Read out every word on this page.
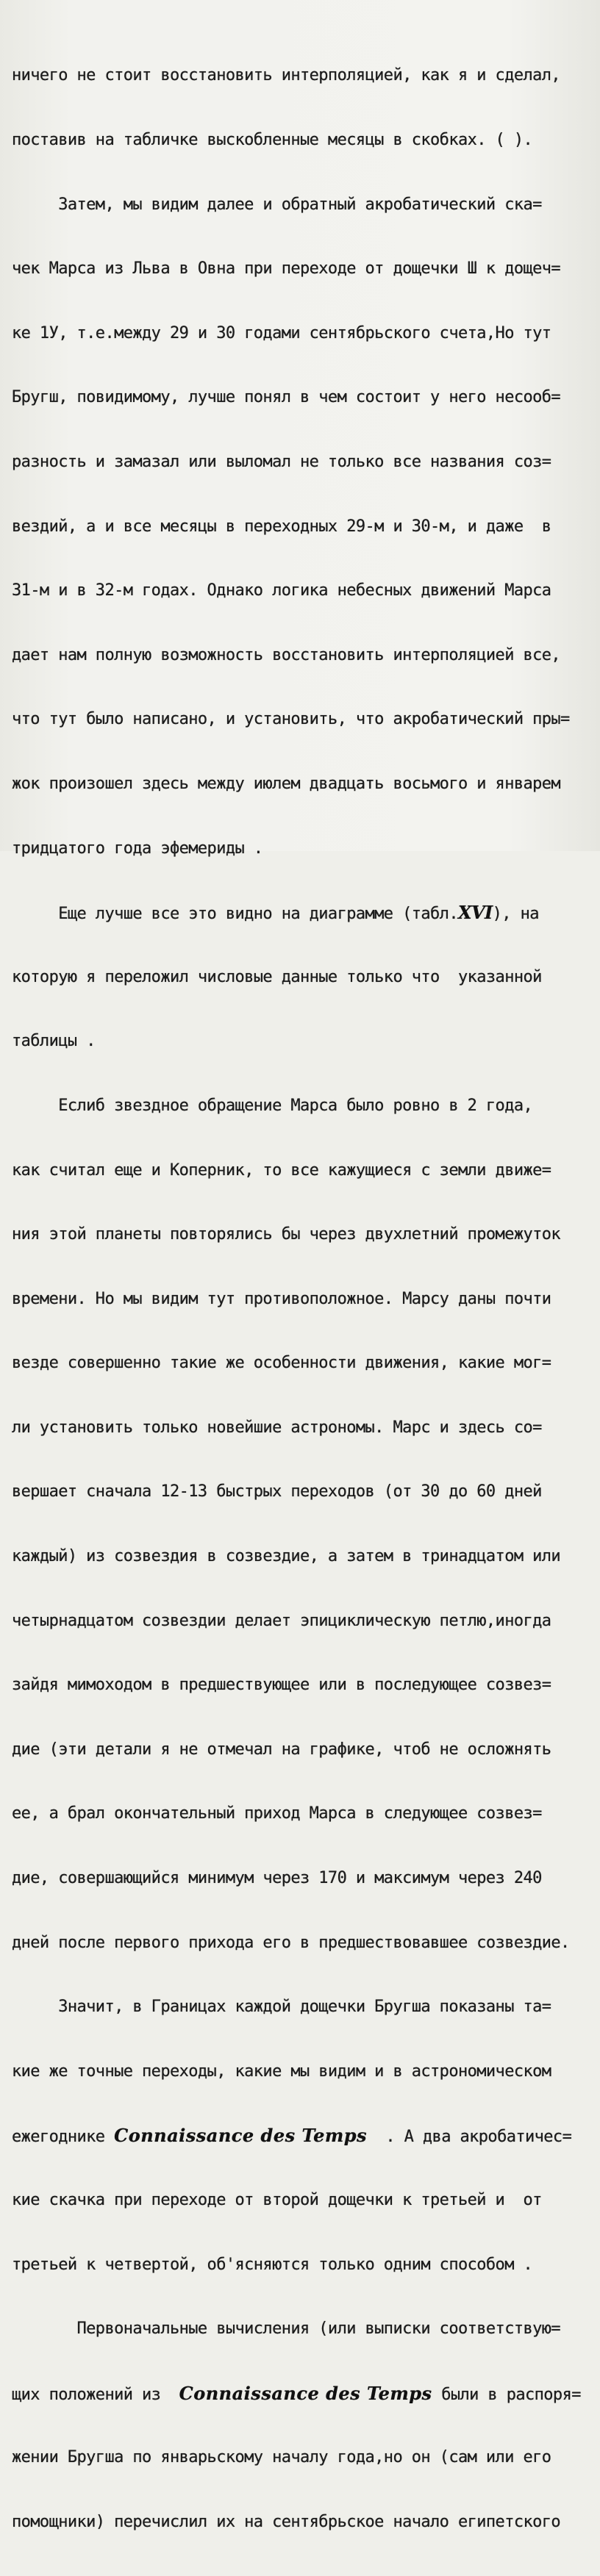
ничего не стоит восстановить интерполяцией, как я и сделал,

поставив на табличке выскобленные месяцы в скобках. ( ).

Затем, мы видим далее и обратный акробатический ска=

чек Марса из Льва в Овна при переходе от дощечки Ш к дощеч=

ке 1У, т.е.между 29 и 30 годами сентябрьского счета,Но тут

Бругш, повидимому, лучше понял в чем состоит у него несооб=

разность и замазал или выломал не только все названия соз=

вездий, а и все месяцы в переходных 29-м и 30-м, и даже  в

31-м и в 32-м годах. Однако логика небесных движений Марса

дает нам полную возможность восстановить интерполяцией все,

что тут было написано, и установить, что акробатический пры=

жок произошел здесь между июлем двадцать восьмого и январем

тридцатого года эфемериды .

Еще лучше все это видно на диаграмме (табл.XVI), на

которую я переложил числовые данные только что  указанной

таблицы .

Еслиб звездное обращение Марса было ровно в 2 года,

как считал еще и Коперник, то все кажущиеся с земли движе=

ния этой планеты повторялись бы через двухлетний промежуток

времени. Но мы видим тут противоположное. Марсу даны почти

везде совершенно такие же особенности движения, какие мог=

ли установить только новейшие астрономы. Марс и здесь со=

вершает сначала 12-13 быстрых переходов (от 30 до 60 дней

каждый) из созвездия в созвездие, а затем в тринадцатом или

четырнадцатом созвездии делает эпициклическую петлю,иногда

зайдя мимоходом в предшествующее или в последующее созвез=

дие (эти детали я не отмечал на графике, чтоб не осложнять

ее, а брал окончательный приход Марса в следующее созвез=

дие, совершающийся минимум через 170 и максимум через 240

дней после первого прихода его в предшествовавшее созвездие.

Значит, в Границах каждой дощечки Бругша показаны та=

кие же точные переходы, какие мы видим и в астрономическом

ежегоднике Connaissance des Temps  . А два акробатичес=

кие скачка при переходе от второй дощечки к третьей и  от

третьей к четвертой, об'ясняются только одним способом .

Первоначальные вычисления (или выписки соответствую=

щих положений из  Connaissance des Temps были в распоря=

жении Бругша по январьскому началу года,но он (сам или его

помощники) перечислил их на сентябрьское начало египетского
